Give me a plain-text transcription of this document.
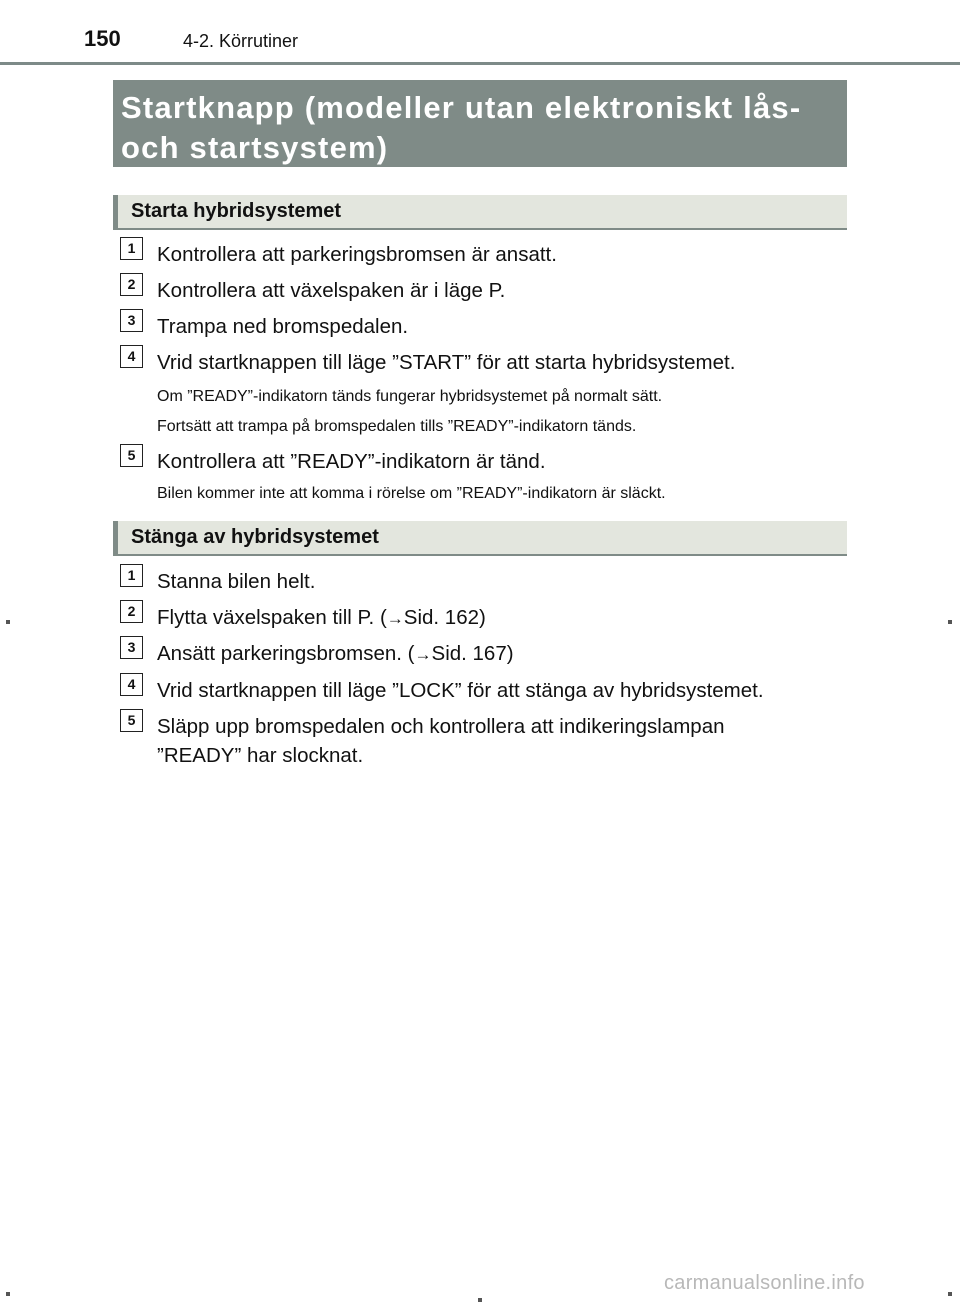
150	4-2. Körrutiner
Startknapp (modeller utan elektroniskt lås-
och startsystem)
Starta hybridsystemet
1	Kontrollera att parkeringsbromsen är ansatt.
2	Kontrollera att växelspaken är i läge P.
3	Trampa ned bromspedalen.
4	Vrid startknappen till läge ”START” för att starta hybridsystemet.
Om ”READY”-indikatorn tänds fungerar hybridsystemet på normalt sätt.
Fortsätt att trampa på bromspedalen tills ”READY”-indikatorn tänds.
5	Kontrollera att ”READY”-indikatorn är tänd.
Bilen kommer inte att komma i rörelse om ”READY”-indikatorn är släckt.
Stänga av hybridsystemet
1	Stanna bilen helt.
2	Flytta växelspaken till P. (→Sid. 162)
3	Ansätt parkeringsbromsen. (→Sid. 167)
4	Vrid startknappen till läge ”LOCK” för att stänga av hybridsystemet.
5	Släpp upp bromspedalen och kontrollera att indikeringslampan
”READY” har slocknat.
carmanualsonline.info
